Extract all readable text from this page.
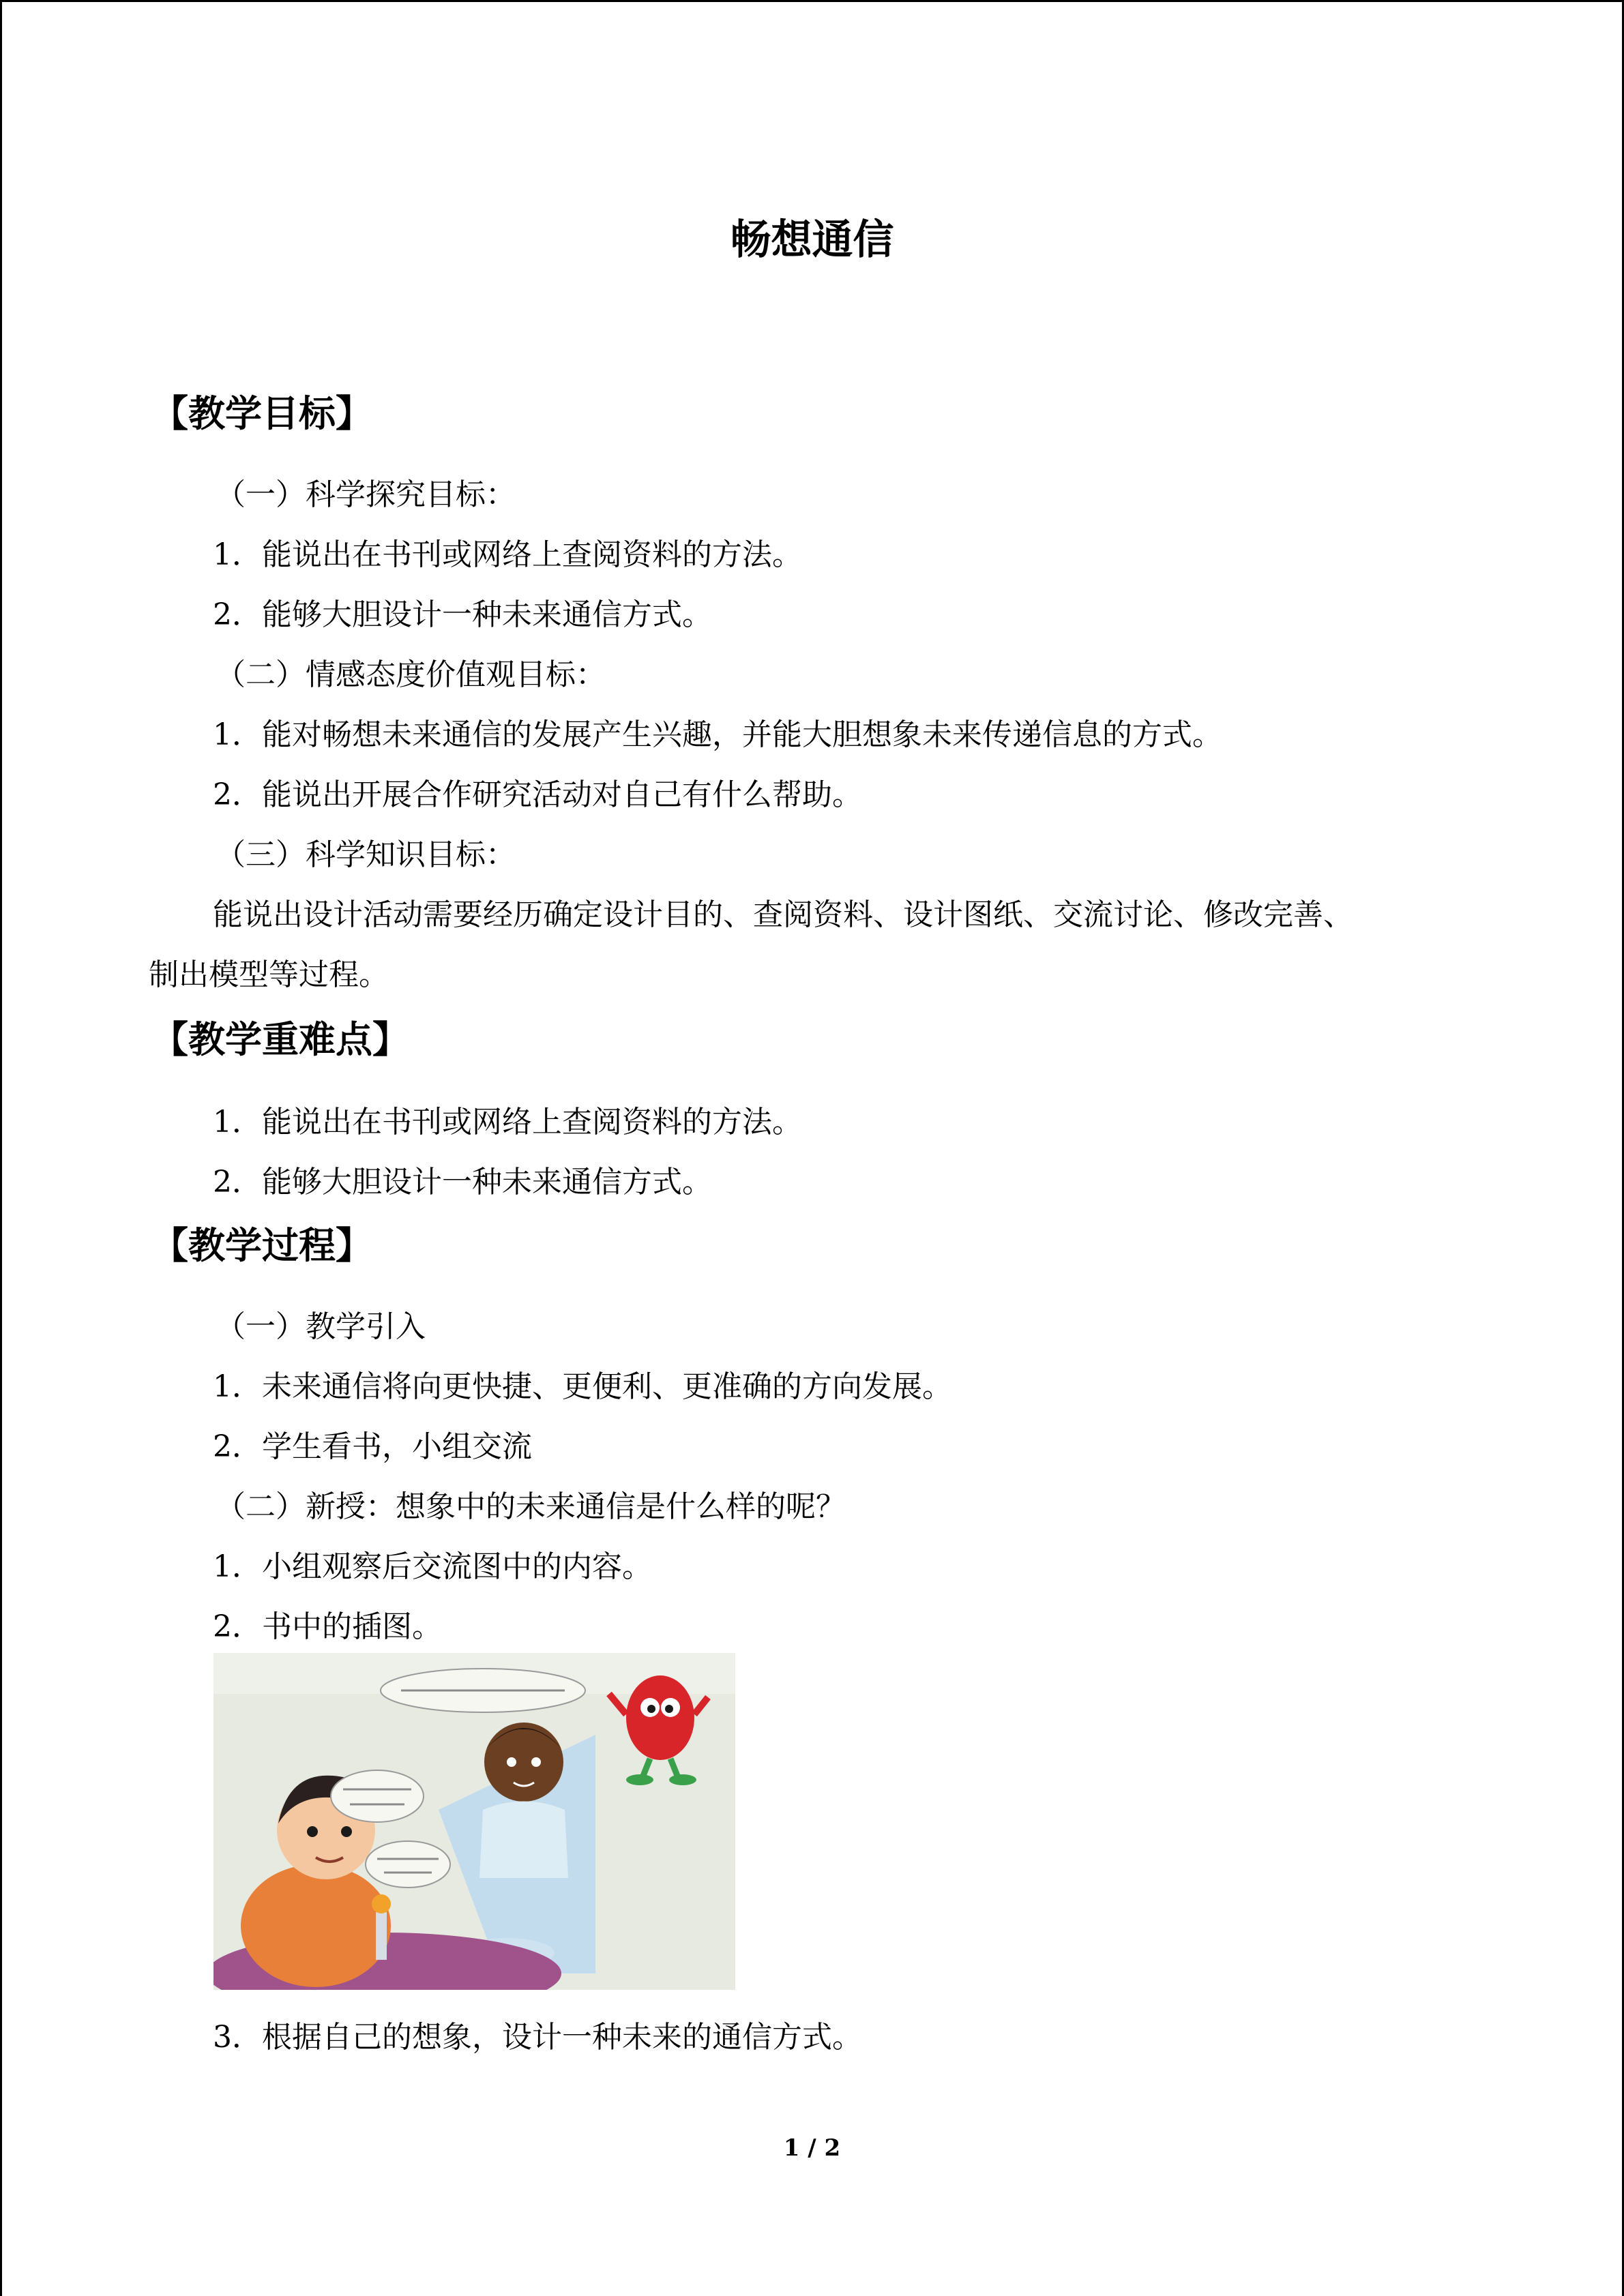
畅想通信
【教学目标】
（一）科学探究目标：
1．能说出在书刊或网络上查阅资料的方法。
2．能够大胆设计一种未来通信方式。
（二）情感态度价值观目标：
1．能对畅想未来通信的发展产生兴趣，并能大胆想象未来传递信息的方式。
2．能说出开展合作研究活动对自己有什么帮助。
（三）科学知识目标：
能说出设计活动需要经历确定设计目的、查阅资料、设计图纸、交流讨论、修改完善、
制出模型等过程。
【教学重难点】
1．能说出在书刊或网络上查阅资料的方法。
2．能够大胆设计一种未来通信方式。
【教学过程】
（一）教学引入
1．未来通信将向更快捷、更便利、更准确的方向发展。
2．学生看书，小组交流
（二）新授：想象中的未来通信是什么样的呢？
1．小组观察后交流图中的内容。
2．书中的插图。
3．根据自己的想象，设计一种未来的通信方式。
1 / 2
